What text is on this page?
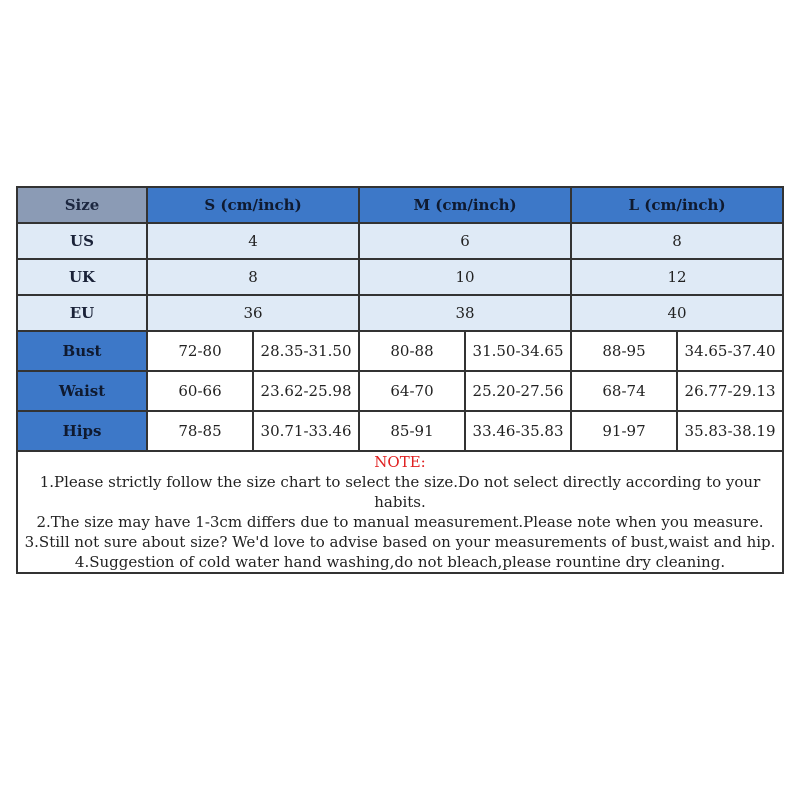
Size	S (cm/inch)		M (cm/inch)		L (cm/inch)	
US	4		6		8	
UK	8		10		12	
EU	36		38		40	
Bust	72-80	28.35-31.50	80-88	31.50-34.65	88-95	34.65-37.40
Waist	60-66	23.62-25.98	64-70	25.20-27.56	68-74	26.77-29.13
Hips	78-85	30.71-33.46	85-91	33.46-35.83	91-97	35.83-38.19

NOTE:
1.Please strictly follow the size chart to select the size.Do not select directly according to your habits.
2.The size may have 1-3cm differs due to manual measurement.Please note when you measure.
3.Still not sure about size? We'd love to advise based on your measurements of bust,waist and hip.
4.Suggestion of cold water hand washing,do not bleach,please rountine dry cleaning.						
